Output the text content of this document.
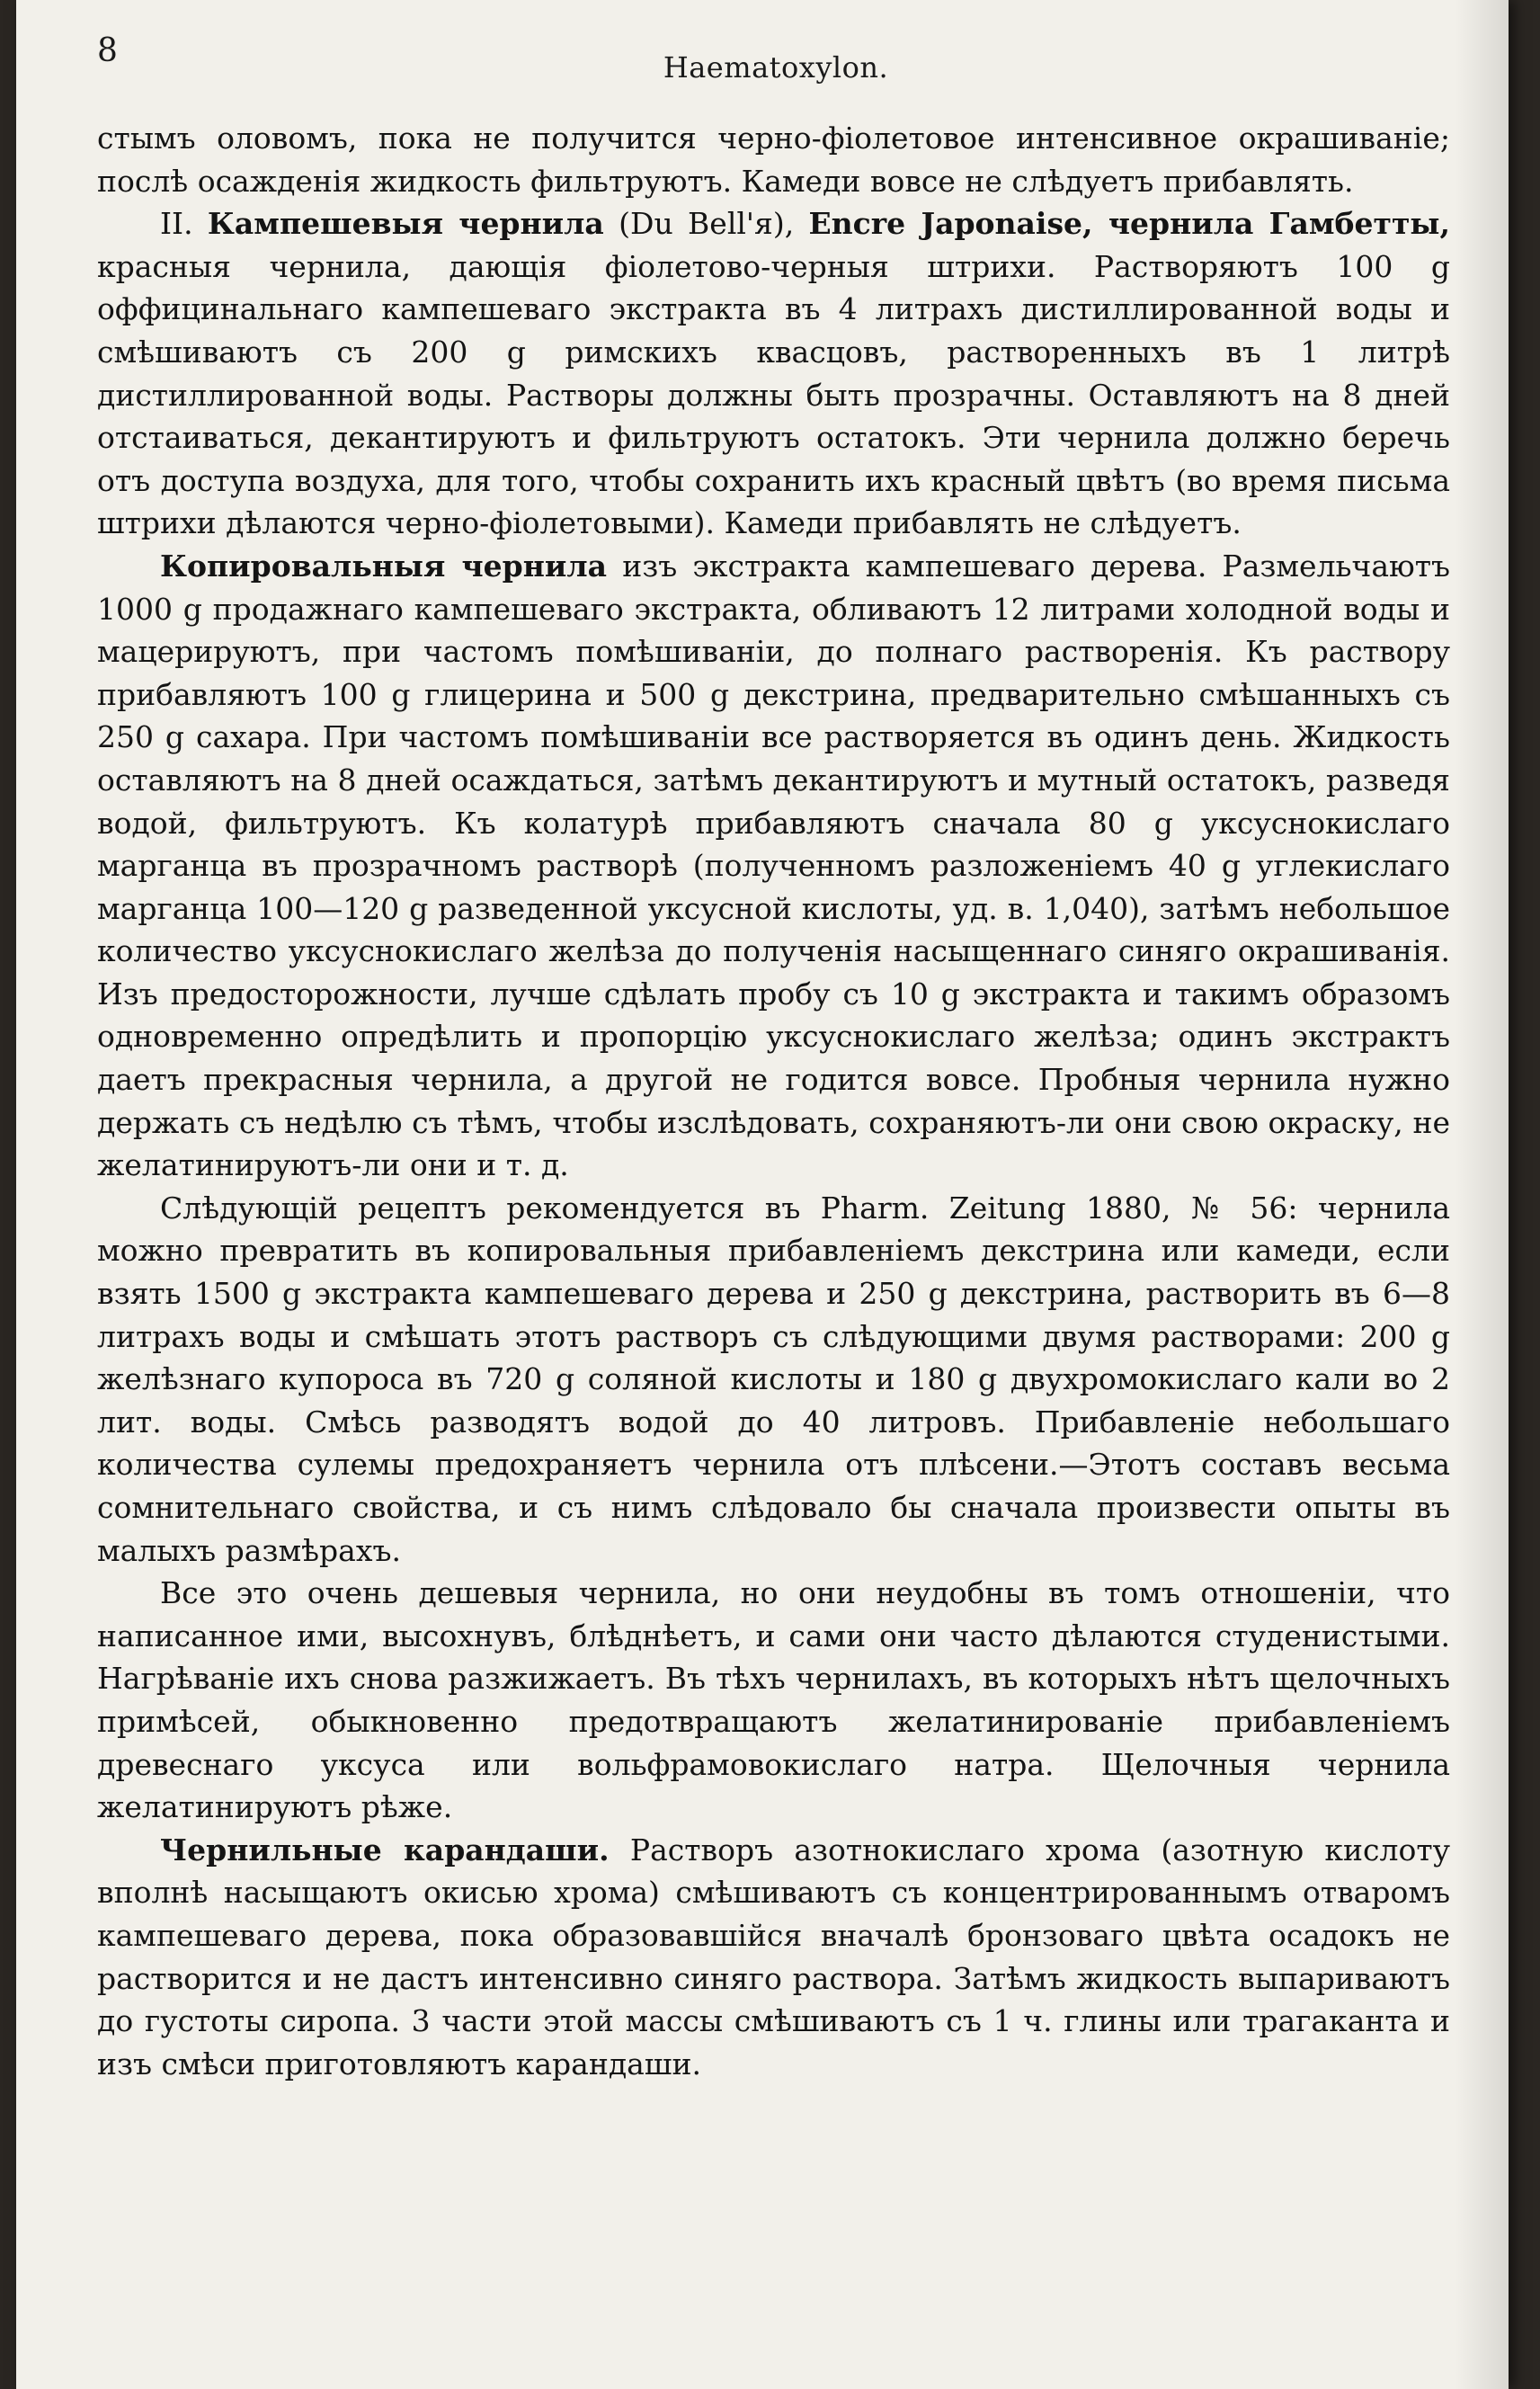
8	Haematoxylon.

стымъ оловомъ, пока не получится черно-фіолетовое интенсивное окрашиваніе; послѣ осажденія жидкость фильтруютъ. Камеди вовсе не слѣдуетъ прибавлять.

II. Кампешевыя чернила (Du Bell'я), Encre Japonaise, чернила Гамбетты, красныя чернила, дающія фіолетово-черныя штрихи. Растворяютъ 100 g оффицинальнаго кампешеваго экстракта въ 4 литрахъ дистиллированной воды и смѣшиваютъ съ 200 g римскихъ квасцовъ, растворенныхъ въ 1 литрѣ дистиллированной воды. Растворы должны быть прозрачны. Оставляютъ на 8 дней отстаиваться, декантируютъ и фильтруютъ остатокъ. Эти чернила должно беречь отъ доступа воздуха, для того, чтобы сохранить ихъ красный цвѣтъ (во время письма штрихи дѣлаются черно-фіолетовыми). Камеди прибавлять не слѣдуетъ.

Копировальныя чернила изъ экстракта кампешеваго дерева. Размельчаютъ 1000 g продажнаго кампешеваго экстракта, обливаютъ 12 литрами холодной воды и мацерируютъ, при частомъ помѣшиваніи, до полнаго растворенія. Къ раствору прибавляютъ 100 g глицерина и 500 g декстрина, предварительно смѣшанныхъ съ 250 g сахара. При частомъ помѣшиваніи все растворяется въ одинъ день. Жидкость оставляютъ на 8 дней осаждаться, затѣмъ декантируютъ и мутный остатокъ, разведя водой, фильтруютъ. Къ колатурѣ прибавляютъ сначала 80 g уксуснокислаго марганца въ прозрачномъ растворѣ (полученномъ разложеніемъ 40 g углекислаго марганца 100—120 g разведенной уксусной кислоты, уд. в. 1,040), затѣмъ небольшое количество уксуснокислаго желѣза до полученія насыщеннаго синяго окрашиванія. Изъ предосторожности, лучше сдѣлать пробу съ 10 g экстракта и такимъ образомъ одновременно опредѣлить и пропорцію уксуснокислаго желѣза; одинъ экстрактъ даетъ прекрасныя чернила, а другой не годится вовсе. Пробныя чернила нужно держать съ недѣлю съ тѣмъ, чтобы изслѣдовать, сохраняютъ-ли они свою окраску, не желатинируютъ-ли они и т. д.

Слѣдующій рецептъ рекомендуется въ Pharm. Zeitung 1880, № 56: чернила можно превратить въ копировальныя прибавленіемъ декстрина или камеди, если взять 1500 g экстракта кампешеваго дерева и 250 g декстрина, растворить въ 6—8 литрахъ воды и смѣшать этотъ растворъ съ слѣдующими двумя растворами: 200 g желѣзнаго купороса въ 720 g соляной кислоты и 180 g двухромокислаго кали во 2 лит. воды. Смѣсь разводятъ водой до 40 литровъ. Прибавленіе небольшаго количества сулемы предохраняетъ чернила отъ плѣсени.—Этотъ составъ весьма сомнительнаго свойства, и съ нимъ слѣдовало бы сначала произвести опыты въ малыхъ размѣрахъ.

Все это очень дешевыя чернила, но они неудобны въ томъ отношеніи, что написанное ими, высохнувъ, блѣднѣетъ, и сами они часто дѣлаются студенистыми. Нагрѣваніе ихъ снова разжижаетъ. Въ тѣхъ чернилахъ, въ которыхъ нѣтъ щелочныхъ примѣсей, обыкновенно предотвращаютъ желатинированіе прибавленіемъ древеснаго уксуса или вольфрамовокислаго натра. Щелочныя чернила желатинируютъ рѣже.

Чернильные карандаши. Растворъ азотнокислаго хрома (азотную кислоту вполнѣ насыщаютъ окисью хрома) смѣшиваютъ съ концентрированнымъ отваромъ кампешеваго дерева, пока образовавшійся вначалѣ бронзоваго цвѣта осадокъ не растворится и не дастъ интенсивно синяго раствора. Затѣмъ жидкость выпариваютъ до густоты сиропа. 3 части этой массы смѣшиваютъ съ 1 ч. глины или трагаканта и изъ смѣси приготовляютъ карандаши.
